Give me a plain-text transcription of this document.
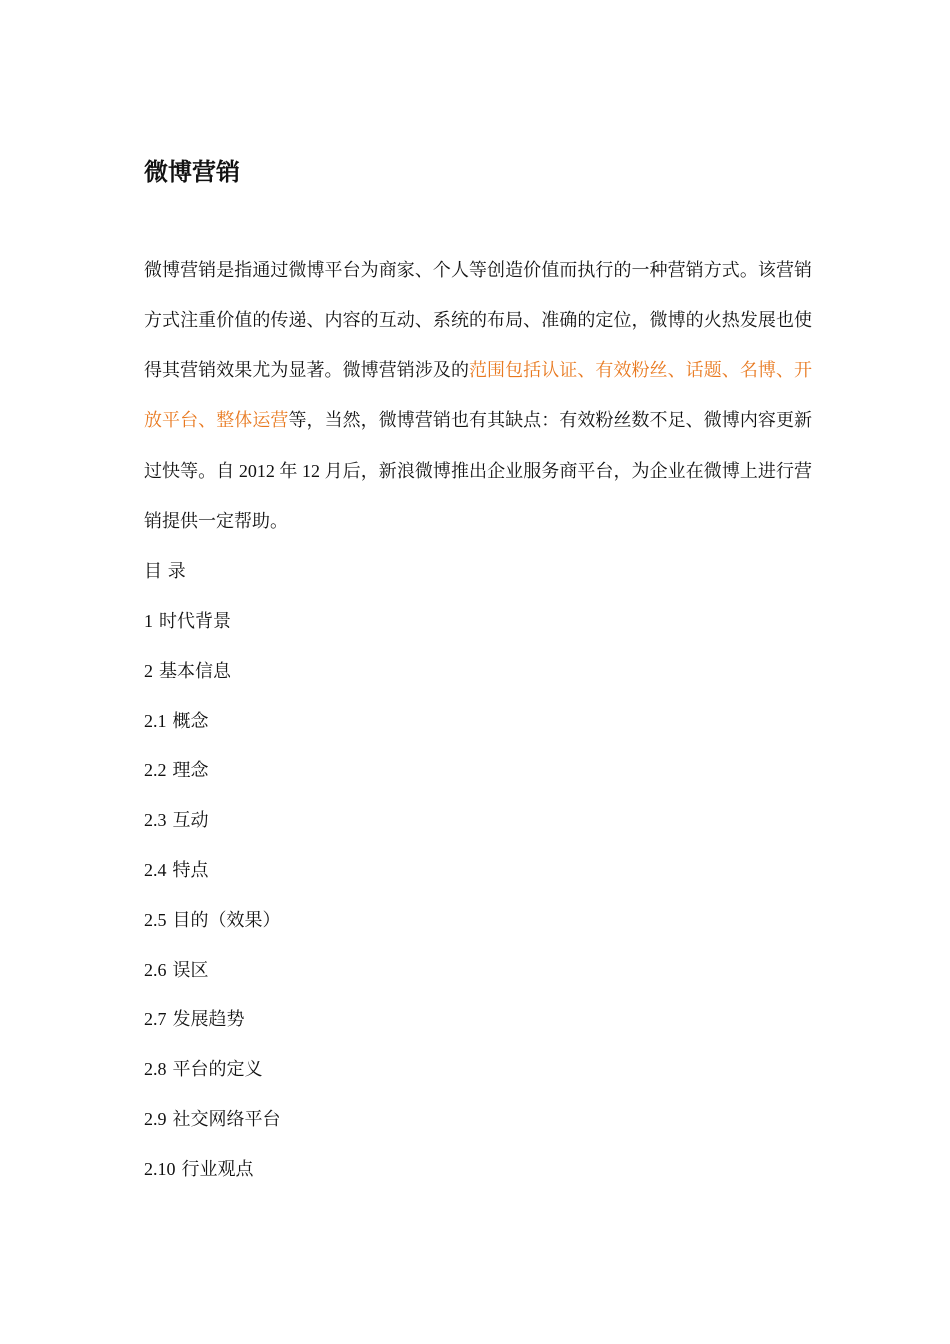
微博营销

微博营销是指通过微博平台为商家、个人等创造价值而执行的一种营销方式。该营销方式注重价值的传递、内容的互动、系统的布局、准确的定位，微博的火热发展也使得其营销效果尤为显著。微博营销涉及的范围包括认证、有效粉丝、话题、名博、开放平台、整体运营等，当然，微博营销也有其缺点：有效粉丝数不足、微博内容更新过快等。自 2012 年 12 月后，新浪微博推出企业服务商平台，为企业在微博上进行营销提供一定帮助。

目 录
1 时代背景
2 基本信息
2.1 概念
2.2 理念
2.3 互动
2.4 特点
2.5 目的（效果）
2.6 误区
2.7 发展趋势
2.8 平台的定义
2.9 社交网络平台
2.10 行业观点
